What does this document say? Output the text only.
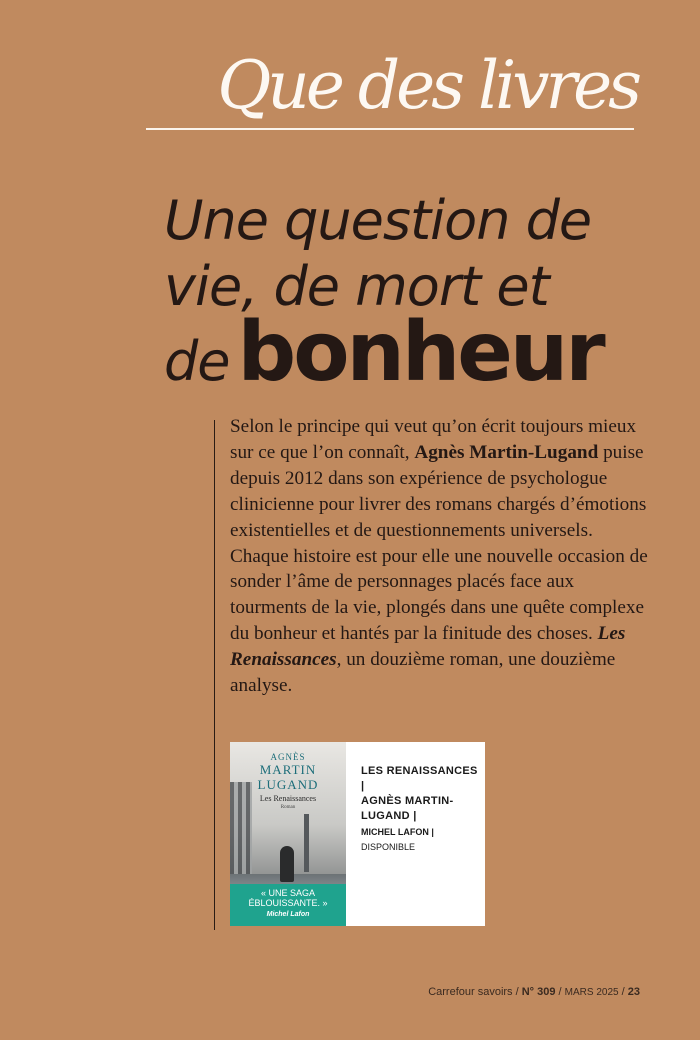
Que des livres
Une question de
vie, de mort et
debonheur

Selon le principe qui veut qu’on écrit toujours mieux sur ce que l’on connaît, Agnès Martin-Lugand puise depuis 2012 dans son expérience de psychologue clinicienne pour livrer des romans chargés d’émotions existentielles et de questionnements universels. Chaque histoire est pour elle une nouvelle occasion de sonder l’âme de personnages placés face aux tourments de la vie, plongés dans une quête complexe du bonheur et hantés par la finitude des choses. Les Renaissances, un douzième roman, une douzième analyse.

AGNÈS
MARTIN LUGAND
Les Renaissances
Roman
« UNE SAGA ÉBLOUISSANTE. »
Michel Lafon
LES RENAISSANCES |
AGNÈS MARTIN-LUGAND |
MICHEL LAFON |
DISPONIBLE
Carrefour savoirs / N° 309 / MARS 2025 / 23
